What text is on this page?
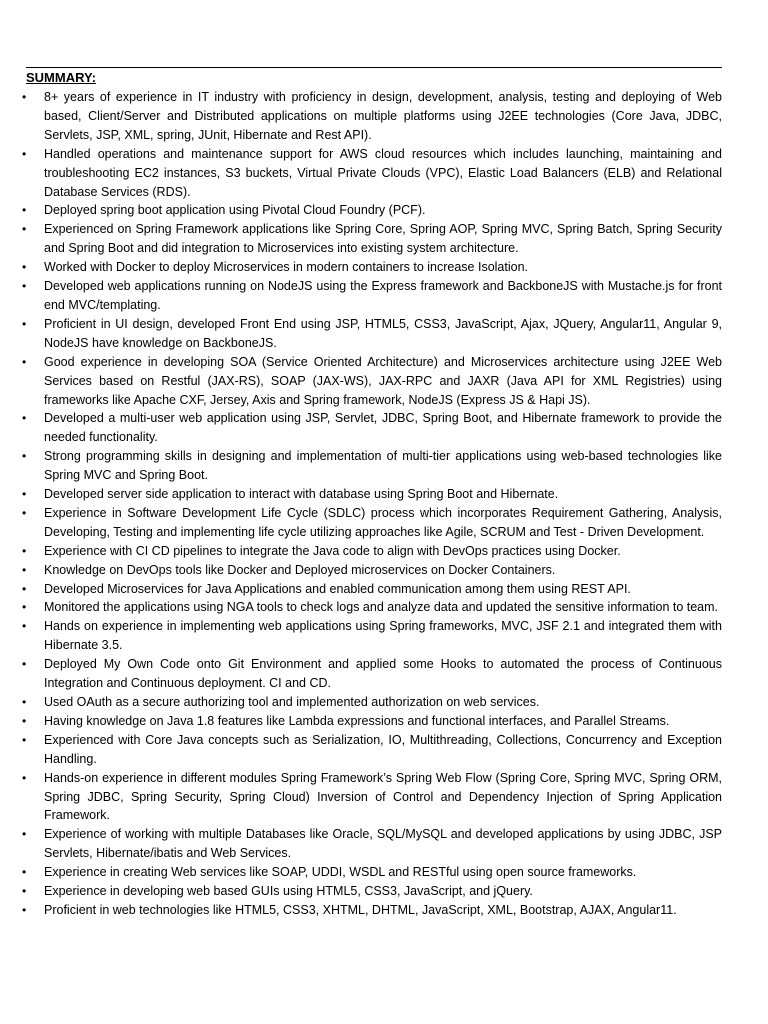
SUMMARY:
•	8+ years of experience in IT industry with proficiency in design, development, analysis, testing and deploying of Web based, Client/Server and Distributed applications on multiple platforms using J2EE technologies (Core Java, JDBC, Servlets, JSP, XML, spring, JUnit, Hibernate and Rest API).
•	Handled operations and maintenance support for AWS cloud resources which includes launching, maintaining and troubleshooting EC2 instances, S3 buckets, Virtual Private Clouds (VPC), Elastic Load Balancers (ELB) and Relational Database Services (RDS).
•	Deployed spring boot application using Pivotal Cloud Foundry (PCF).
•	Experienced on Spring Framework applications like Spring Core, Spring AOP, Spring MVC, Spring Batch, Spring Security and Spring Boot and did integration to Microservices into existing system architecture.
•	Worked with Docker to deploy Microservices in modern containers to increase Isolation.
•	Developed web applications running on NodeJS using the Express framework and BackboneJS with Mustache.js for front end MVC/templating.
•	Proficient in UI design, developed Front End using JSP, HTML5, CSS3, JavaScript, Ajax, JQuery, Angular11, Angular 9, NodeJS have knowledge on BackboneJS.
•	Good experience in developing SOA (Service Oriented Architecture) and Microservices architecture using J2EE Web Services based on Restful (JAX-RS), SOAP (JAX-WS), JAX-RPC and JAXR (Java API for XML Registries) using frameworks like Apache CXF, Jersey, Axis and Spring framework, NodeJS (Express JS & Hapi JS).
•	Developed a multi-user web application using JSP, Servlet, JDBC, Spring Boot, and Hibernate framework to provide the needed functionality.
•	Strong programming skills in designing and implementation of multi-tier applications using web-based technologies like Spring MVC and Spring Boot.
•	Developed server side application to interact with database using Spring Boot and Hibernate.
•	Experience in Software Development Life Cycle (SDLC) process which incorporates Requirement Gathering, Analysis, Developing, Testing and implementing life cycle utilizing approaches like Agile, SCRUM and Test - Driven Development.
•	Experience with CI CD pipelines to integrate the Java code to align with DevOps practices using Docker.
•	Knowledge on DevOps tools like Docker and Deployed microservices on Docker Containers.
•	Developed Microservices for Java Applications and enabled communication among them using REST API.
•	Monitored the applications using NGA tools to check logs and analyze data and updated the sensitive information to team.
•	Hands on experience in implementing web applications using Spring frameworks, MVC, JSF 2.1 and integrated them with Hibernate 3.5.
•	Deployed My Own Code onto Git Environment and applied some Hooks to automated the process of Continuous Integration and Continuous deployment. CI and CD.
•	Used OAuth as a secure authorizing tool and implemented authorization on web services.
•	Having knowledge on Java 1.8 features like Lambda expressions and functional interfaces, and Parallel Streams.
•	Experienced with Core Java concepts such as Serialization, IO, Multithreading, Collections, Concurrency and Exception Handling.
•	Hands-on experience in different modules Spring Framework’s Spring Web Flow (Spring Core, Spring MVC, Spring ORM, Spring JDBC, Spring Security, Spring Cloud) Inversion of Control and Dependency Injection of Spring Application Framework.
•	Experience of working with multiple Databases like Oracle, SQL/MySQL and developed applications by using JDBC, JSP Servlets, Hibernate/ibatis and Web Services.
•	Experience in creating Web services like SOAP, UDDI, WSDL and RESTful using open source frameworks.
•	Experience in developing web based GUIs using HTML5, CSS3, JavaScript, and jQuery.
•	Proficient in web technologies like HTML5, CSS3, XHTML, DHTML, JavaScript, XML, Bootstrap, AJAX, Angular11.
